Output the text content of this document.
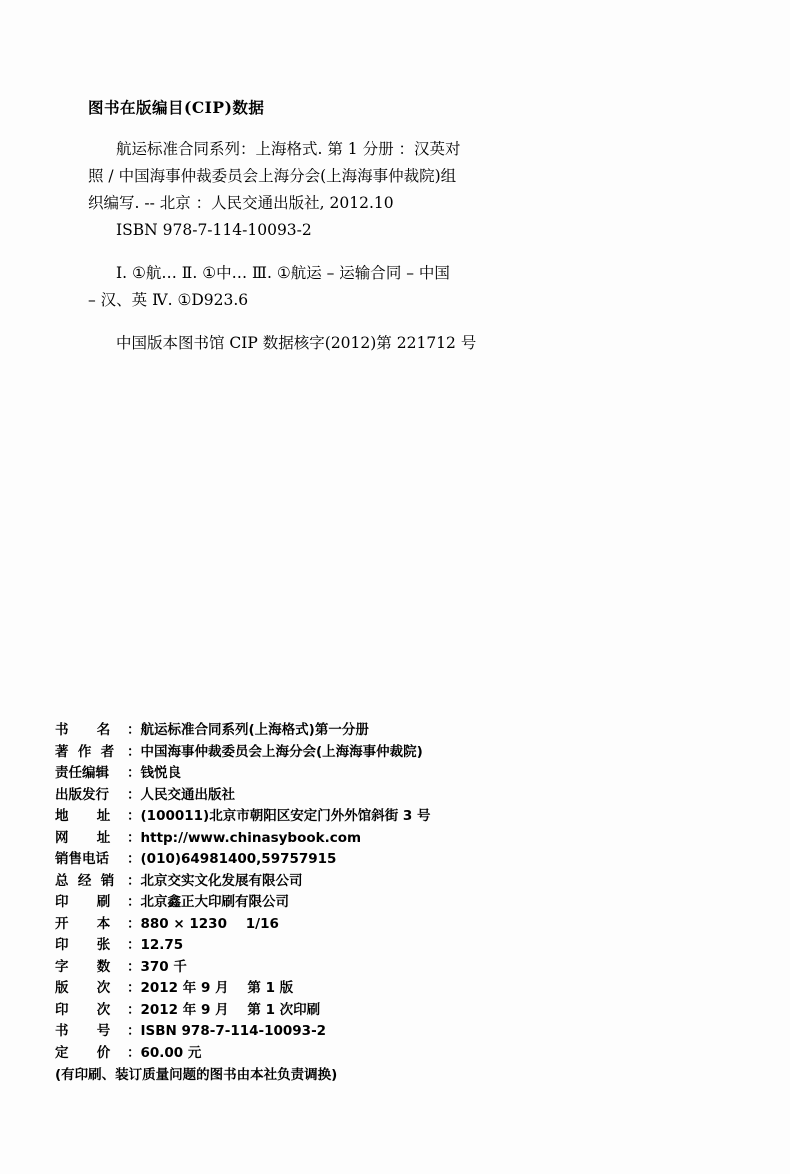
图书在版编目(CIP)数据
航运标准合同系列：上海格式. 第 1 分册 ：汉英对
照 / 中国海事仲裁委员会上海分会(上海海事仲裁院)组
织编写. -- 北京 ：人民交通出版社, 2012.10
ISBN 978-7-114-10093-2
Ⅰ. ①航… Ⅱ. ①中… Ⅲ. ①航运 – 运输合同 – 中国
– 汉、英 Ⅳ. ①D923.6
中国版本图书馆 CIP 数据核字(2012)第 221712 号
书      名	： 航运标准合同系列(上海格式)第一分册
著  作  者 ： 中国海事仲裁委员会上海分会(上海海事仲裁院)
责任编辑	： 钱悦良
出版发行	： 人民交通出版社
地      址	： (100011)北京市朝阳区安定门外外馆斜街 3 号
网      址	： http://www.chinasybook.com
销售电话	： (010)64981400,59757915
总  经  销 ： 北京交实文化发展有限公司
印      刷	： 北京鑫正大印刷有限公司
开      本	： 880 × 1230    1/16
印      张	： 12.75
字      数	： 370 千
版      次	： 2012 年 9 月    第 1 版
印      次	： 2012 年 9 月    第 1 次印刷
书      号	： ISBN 978-7-114-10093-2
定      价	： 60.00 元
(有印刷、装订质量问题的图书由本社负责调换)
